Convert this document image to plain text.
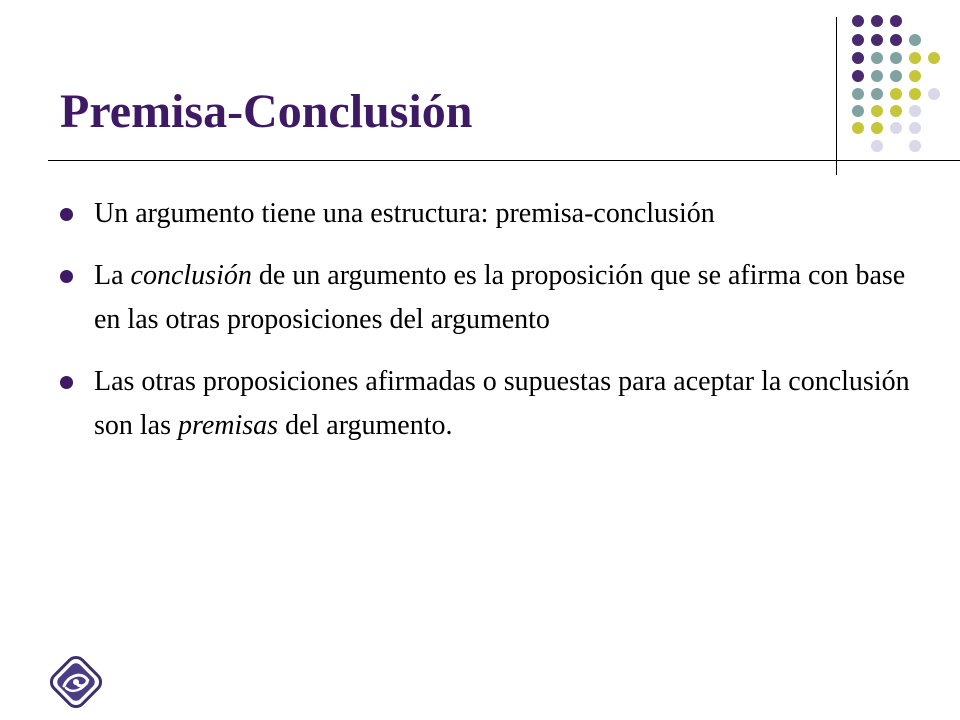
Premisa-Conclusión
Un argumento tiene una estructura: premisa-conclusión
La conclusión de un argumento es la proposición que se afirma con base en las otras proposiciones del argumento
Las otras proposiciones afirmadas o supuestas para aceptar la conclusión son las premisas del argumento.
